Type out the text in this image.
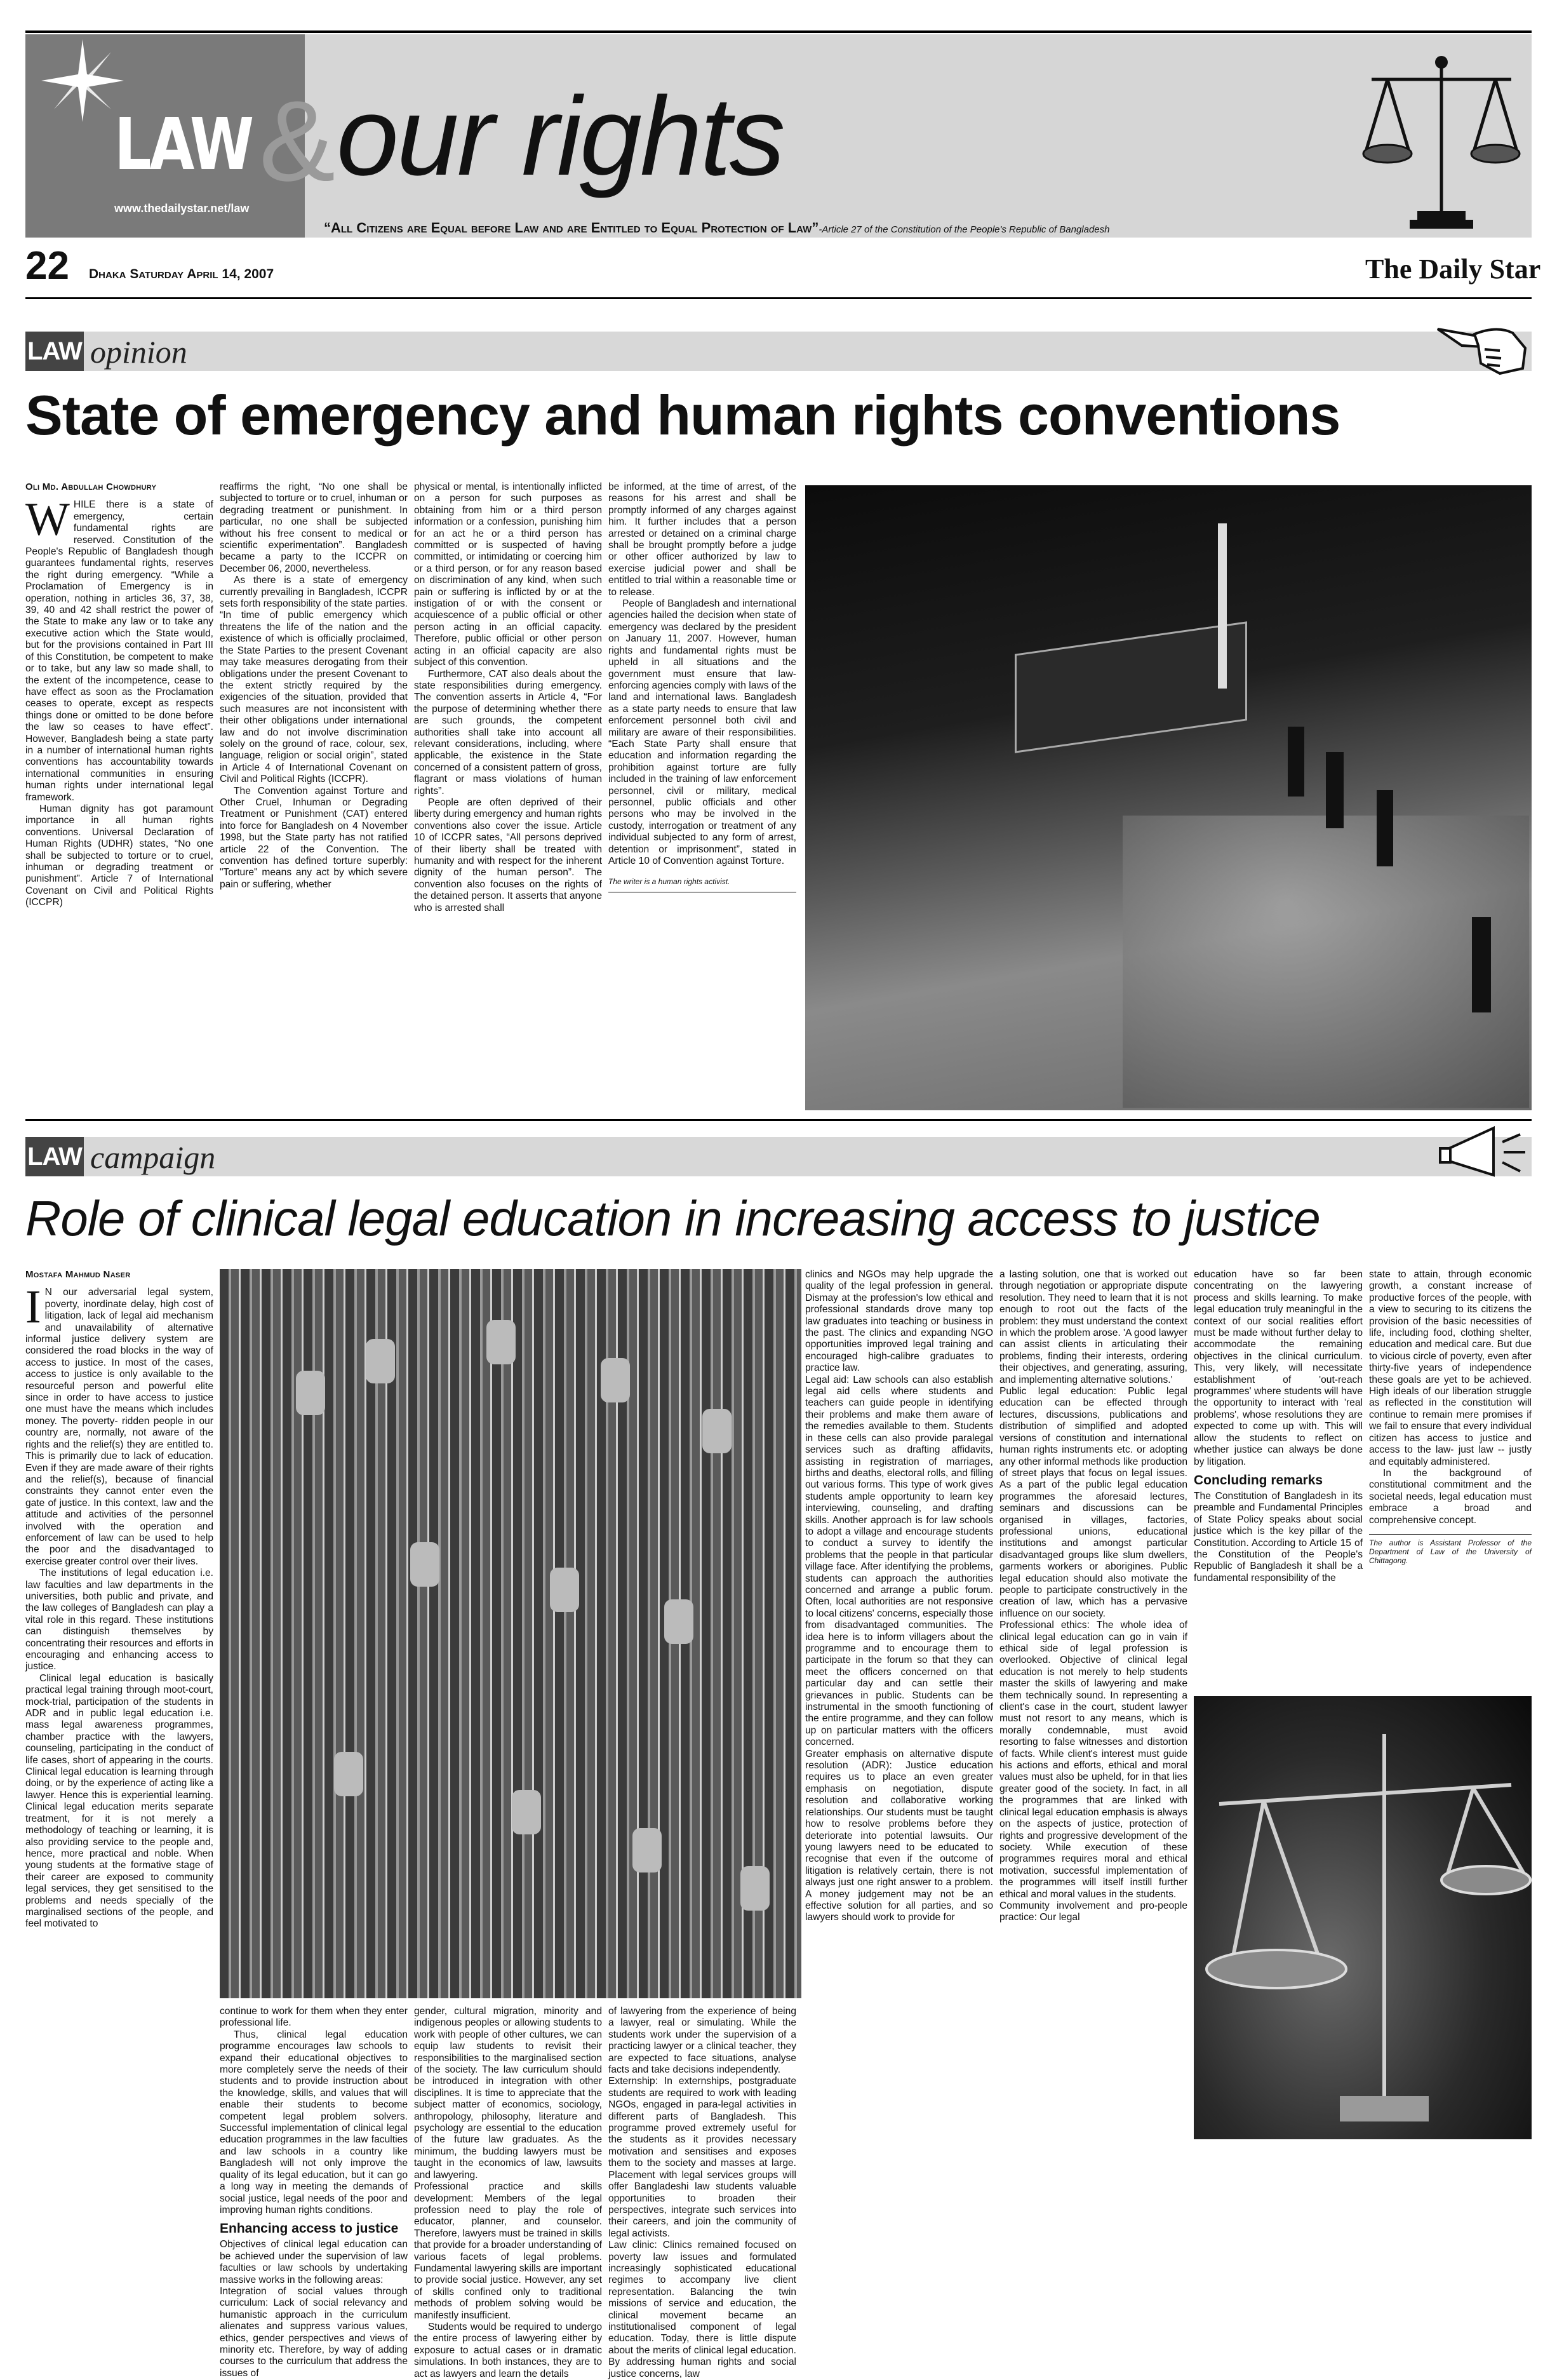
LAW & our rights
www.thedailystar.net/law
“All Citizens are Equal before Law and are Entitled to Equal Protection of Law”-Article 27 of the Constitution of the People's Republic of Bangladesh
22 Dhaka Saturday April 14, 2007	The Daily Star
LAW opinion
State of emergency and human rights conventions
Oli Md. Abdullah Chowdhury
W HILE there is a state of emergency, certain fundamental rights are reserved. Constitution of the People's Republic of Bangladesh though guarantees fundamental rights, reserves the right during emergency. “While a Proclamation of Emergency is in operation, nothing in articles 36, 37, 38, 39, 40 and 42 shall restrict the power of the State to make any law or to take any executive action which the State would, but for the provisions contained in Part III of this Constitution, be competent to make or to take, but any law so made shall, to the extent of the incompetence, cease to have effect as soon as the Proclamation ceases to operate, except as respects things done or omitted to be done before the law so ceases to have effect”. However, Bangladesh being a state party in a number of international human rights conventions has accountability towards international communities in ensuring human rights under international legal framework.

Human dignity has got paramount importance in all human rights conventions. Universal Declaration of Human Rights (UDHR) states, “No one shall be subjected to torture or to cruel, inhuman or degrading treatment or punishment”. Article 7 of International Covenant on Civil and Political Rights (ICCPR)

reaffirms the right, “No one shall be subjected to torture or to cruel, inhuman or degrading treatment or punishment. In particular, no one shall be subjected without his free consent to medical or scientific experimentation”. Bangladesh became a party to the ICCPR on December 06, 2000, nevertheless.

As there is a state of emergency currently prevailing in Bangladesh, ICCPR sets forth responsibility of the state parties. “In time of public emergency which threatens the life of the nation and the existence of which is officially proclaimed, the State Parties to the present Covenant may take measures derogating from their obligations under the present Covenant to the extent strictly required by the exigencies of the situation, provided that such measures are not inconsistent with their other obligations under international law and do not involve discrimination solely on the ground of race, colour, sex, language, religion or social origin”, stated in Article 4 of International Covenant on Civil and Political Rights (ICCPR).

The Convention against Torture and Other Cruel, Inhuman or Degrading Treatment or Punishment (CAT) entered into force for Bangladesh on 4 November 1998, but the State party has not ratified article 22 of the Convention. The convention has defined torture superbly: "Torture" means any act by which severe pain or suffering, whether

physical or mental, is intentionally inflicted on a person for such purposes as obtaining from him or a third person information or a confession, punishing him for an act he or a third person has committed or is suspected of having committed, or intimidating or coercing him or a third person, or for any reason based on discrimination of any kind, when such pain or suffering is inflicted by or at the instigation of or with the consent or acquiescence of a public official or other person acting in an official capacity. Therefore, public official or other person acting in an official capacity are also subject of this convention.

Furthermore, CAT also deals about the state responsibilities during emergency. The convention asserts in Article 4, “For the purpose of determining whether there are such grounds, the competent authorities shall take into account all relevant considerations, including, where applicable, the existence in the State concerned of a consistent pattern of gross, flagrant or mass violations of human rights”.

People are often deprived of their liberty during emergency and human rights conventions also cover the issue. Article 10 of ICCPR sates, “All persons deprived of their liberty shall be treated with humanity and with respect for the inherent dignity of the human person”. The convention also focuses on the rights of the detained person. It asserts that anyone who is arrested shall

be informed, at the time of arrest, of the reasons for his arrest and shall be promptly informed of any charges against him. It further includes that a person arrested or detained on a criminal charge shall be brought promptly before a judge or other officer authorized by law to exercise judicial power and shall be entitled to trial within a reasonable time or to release.

People of Bangladesh and international agencies hailed the decision when state of emergency was declared by the president on January 11, 2007. However, human rights and fundamental rights must be upheld in all situations and the government must ensure that law-enforcing agencies comply with laws of the land and international laws. Bangladesh as a state party needs to ensure that law enforcement personnel both civil and military are aware of their responsibilities. “Each State Party shall ensure that education and information regarding the prohibition against torture are fully included in the training of law enforcement personnel, civil or military, medical personnel, public officials and other persons who may be involved in the custody, interrogation or treatment of any individual subjected to any form of arrest, detention or imprisonment”, stated in Article 10 of Convention against Torture.

The writer is a human rights activist.

LAW campaign
Role of clinical legal education in increasing access to justice
Mostafa Mahmud Naser
I N our adversarial legal system, poverty, inordinate delay, high cost of litigation, lack of legal aid mechanism and unavailability of alternative informal justice delivery system are considered the road blocks in the way of access to justice. In most of the cases, access to justice is only available to the resourceful person and powerful elite since in order to have access to justice one must have the means which includes money. The poverty- ridden people in our country are, normally, not aware of the rights and the relief(s) they are entitled to. This is primarily due to lack of education. Even if they are made aware of their rights and the relief(s), because of financial constraints they cannot enter even the gate of justice. In this context, law and the attitude and activities of the personnel involved with the operation and enforcement of law can be used to help the poor and the disadvantaged to exercise greater control over their lives.

The institutions of legal education i.e. law faculties and law departments in the universities, both public and private, and the law colleges of Bangladesh can play a vital role in this regard. These institutions can distinguish themselves by concentrating their resources and efforts in encouraging and enhancing access to justice.

Clinical legal education is basically practical legal training through moot-court, mock-trial, participation of the students in ADR and in public legal education i.e. mass legal awareness programmes, chamber practice with the lawyers, counseling, participating in the conduct of life cases, short of appearing in the courts. Clinical legal education is learning through doing, or by the experience of acting like a lawyer. Hence this is experiential learning. Clinical legal education merits separate treatment, for it is not merely a methodology of teaching or learning, it is also providing service to the people and, hence, more practical and noble. When young students at the formative stage of their career are exposed to community legal services, they get sensitised to the problems and needs specially of the marginalised sections of the people, and feel motivated to

continue to work for them when they enter professional life.

Thus, clinical legal education programme encourages law schools to expand their educational objectives to more completely serve the needs of their students and to provide instruction about the knowledge, skills, and values that will enable their students to become competent legal problem solvers. Successful implementation of clinical legal education programmes in the law faculties and law schools in a country like Bangladesh will not only improve the quality of its legal education, but it can go a long way in meeting the demands of social justice, legal needs of the poor and improving human rights conditions.

Enhancing access to justice

Objectives of clinical legal education can be achieved under the supervision of law faculties or law schools by undertaking massive works in the following areas:

Integration of social values through curriculum: Lack of social relevancy and humanistic approach in the curriculum alienates and suppress various values, ethics, gender perspectives and views of minority etc. Therefore, by way of adding courses to the curriculum that address the issues of

gender, cultural migration, minority and indigenous peoples or allowing students to work with people of other cultures, we can equip law students to revisit their responsibilities to the marginalised section of the society. The law curriculum should be introduced in integration with other disciplines. It is time to appreciate that the subject matter of economics, sociology, anthropology, philosophy, literature and psychology are essential to the education of the future law graduates. As the minimum, the budding lawyers must be taught in the economics of law, lawsuits and lawyering.

Professional practice and skills development: Members of the legal profession need to play the role of educator, planner, and counselor. Therefore, lawyers must be trained in skills that provide for a broader understanding of various facets of legal problems. Fundamental lawyering skills are important to provide social justice. However, any set of skills confined only to traditional methods of problem solving would be manifestly insufficient.

Students would be required to undergo the entire process of lawyering either by exposure to actual cases or in dramatic simulations. In both instances, they are to act as lawyers and learn the details

of lawyering from the experience of being a lawyer, real or simulating. While the students work under the supervision of a practicing lawyer or a clinical teacher, they are expected to face situations, analyse facts and take decisions independently.

Externship: In externships, postgraduate students are required to work with leading NGOs, engaged in para-legal activities in different parts of Bangladesh. This programme proved extremely useful for the students as it provides necessary motivation and sensitises and exposes them to the society and masses at large. Placement with legal services groups will offer Bangladeshi law students valuable opportunities to broaden their perspectives, integrate such services into their careers, and join the community of legal activists.

Law clinic: Clinics remained focused on poverty law issues and formulated increasingly sophisticated educational regimes to accompany live client representation. Balancing the twin missions of service and education, the clinical movement became an institutionalised component of legal education. Today, there is little dispute about the merits of clinical legal education. By addressing human rights and social justice concerns, law

clinics and NGOs may help upgrade the quality of the legal profession in general. Dismay at the profession's low ethical and professional standards drove many top law graduates into teaching or business in the past. The clinics and expanding NGO opportunities improved legal training and encouraged high-calibre graduates to practice law.

Legal aid: Law schools can also establish legal aid cells where students and teachers can guide people in identifying their problems and make them aware of the remedies available to them. Students in these cells can also provide paralegal services such as drafting affidavits, assisting in registration of marriages, births and deaths, electoral rolls, and filling out various forms. This type of work gives students ample opportunity to learn key interviewing, counseling, and drafting skills. Another approach is for law schools to adopt a village and encourage students to conduct a survey to identify the problems that the people in that particular village face. After identifying the problems, students can approach the authorities concerned and arrange a public forum. Often, local authorities are not responsive to local citizens' concerns, especially those from disadvantaged communities. The idea here is to inform villagers about the programme and to encourage them to participate in the forum so that they can meet the officers concerned on that particular day and can settle their grievances in public. Students can be instrumental in the smooth functioning of the entire programme, and they can follow up on particular matters with the officers concerned.

Greater emphasis on alternative dispute resolution (ADR): Justice education requires us to place an even greater emphasis on negotiation, dispute resolution and collaborative working relationships. Our students must be taught how to resolve problems before they deteriorate into potential lawsuits. Our young lawyers need to be educated to recognise that even if the outcome of litigation is relatively certain, there is not always just one right answer to a problem. A money judgement may not be an effective solution for all parties, and so lawyers should work to provide for

a lasting solution, one that is worked out through negotiation or appropriate dispute resolution. They need to learn that it is not enough to root out the facts of the problem: they must understand the context in which the problem arose. 'A good lawyer can assist clients in articulating their problems, finding their interests, ordering their objectives, and generating, assuring, and implementing alternative solutions.'

Public legal education: Public legal education can be effected through lectures, discussions, publications and distribution of simplified and adopted versions of constitution and international human rights instruments etc. or adopting any other informal methods like production of street plays that focus on legal issues. As a part of the public legal education programmes the aforesaid lectures, seminars and discussions can be organised in villages, factories, professional unions, educational institutions and amongst particular disadvantaged groups like slum dwellers, garments workers or aborigines. Public legal education should also motivate the people to participate constructively in the creation of law, which has a pervasive influence on our society.

Professional ethics: The whole idea of clinical legal education can go in vain if ethical side of legal profession is overlooked. Objective of clinical legal education is not merely to help students master the skills of lawyering and make them technically sound. In representing a client's case in the court, student lawyer must not resort to any means, which is morally condemnable, must avoid resorting to false witnesses and distortion of facts. While client's interest must guide his actions and efforts, ethical and moral values must also be upheld, for in that lies greater good of the society. In fact, in all the programmes that are linked with clinical legal education emphasis is always on the aspects of justice, protection of rights and progressive development of the society. While execution of these programmes requires moral and ethical motivation, successful implementation of the programmes will itself instill further ethical and moral values in the students.

Community involvement and pro-people practice: Our legal

education have so far been concentrating on the lawyering process and skills learning. To make legal education truly meaningful in the context of our social realities effort must be made without further delay to accommodate the remaining objectives in the clinical curriculum. This, very likely, will necessitate establishment of 'out-reach programmes' where students will have the opportunity to interact with 'real problems', whose resolutions they are expected to come up with. This will allow the students to reflect on whether justice can always be done by litigation.

Concluding remarks

The Constitution of Bangladesh in its preamble and Fundamental Principles of State Policy speaks about social justice which is the key pillar of the Constitution. According to Article 15 of the Constitution of the People's Republic of Bangladesh it shall be a fundamental responsibility of the

state to attain, through economic growth, a constant increase of productive forces of the people, with a view to securing to its citizens the provision of the basic necessities of life, including food, clothing shelter, education and medical care. But due to vicious circle of poverty, even after thirty-five years of independence these goals are yet to be achieved. High ideals of our liberation struggle as reflected in the constitution will continue to remain mere promises if we fail to ensure that every individual citizen has access to justice and access to the law- just law -- justly and equitably administered.

In the background of constitutional commitment and the societal needs, legal education must embrace a broad and comprehensive concept.

The author is Assistant Professor of the Department of Law of the University of Chittagong.
